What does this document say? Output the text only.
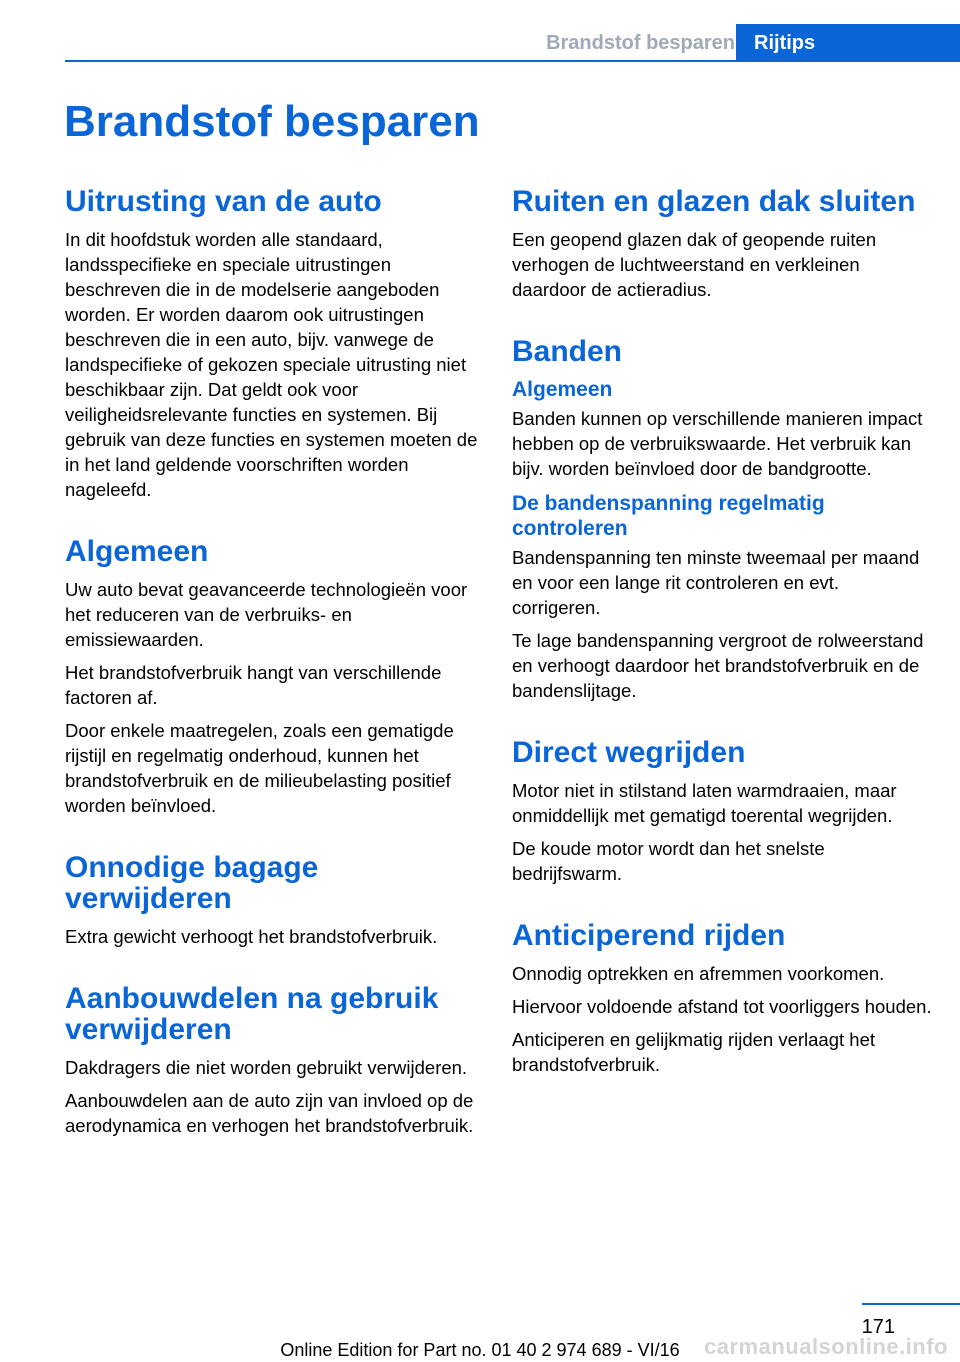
Brandstof besparen Rijtips
Brandstof besparen
Uitrusting van de auto

In dit hoofdstuk worden alle standaard, landsspecifieke en speciale uitrustingen beschreven die in de modelserie aangeboden worden. Er worden daarom ook uitrustingen beschreven die in een auto, bijv. vanwege de landspecifieke of gekozen speciale uitrusting niet beschikbaar zijn. Dat geldt ook voor veiligheidsrelevante functies en systemen. Bij gebruik van deze functies en systemen moeten de in het land geldende voorschriften worden nageleefd.

Algemeen

Uw auto bevat geavanceerde technologieën voor het reduceren van de verbruiks- en emissiewaarden.

Het brandstofverbruik hangt van verschillende factoren af.

Door enkele maatregelen, zoals een gematigde rijstijl en regelmatig onderhoud, kunnen het brandstofverbruik en de milieubelasting positief worden beïnvloed.

Onnodige bagage verwijderen

Extra gewicht verhoogt het brandstofverbruik.

Aanbouwdelen na gebruik verwijderen

Dakdragers die niet worden gebruikt verwijderen.

Aanbouwdelen aan de auto zijn van invloed op de aerodynamica en verhogen het brandstofverbruik.

Ruiten en glazen dak sluiten

Een geopend glazen dak of geopende ruiten verhogen de luchtweerstand en verkleinen daardoor de actieradius.

Banden
Algemeen

Banden kunnen op verschillende manieren impact hebben op de verbruikswaarde. Het verbruik kan bijv. worden beïnvloed door de bandgrootte.

De bandenspanning regelmatig controleren

Bandenspanning ten minste tweemaal per maand en voor een lange rit controleren en evt. corrigeren.

Te lage bandenspanning vergroot de rolweerstand en verhoogt daardoor het brandstofverbruik en de bandenslijtage.

Direct wegrijden

Motor niet in stilstand laten warmdraaien, maar onmiddellijk met gematigd toerental wegrijden.

De koude motor wordt dan het snelste bedrijfswarm.

Anticiperend rijden

Onnodig optrekken en afremmen voorkomen.

Hiervoor voldoende afstand tot voorliggers houden.

Anticiperen en gelijkmatig rijden verlaagt het brandstofverbruik.

171
Online Edition for Part no. 01 40 2 974 689 - VI/16	carmanualsonline.info
